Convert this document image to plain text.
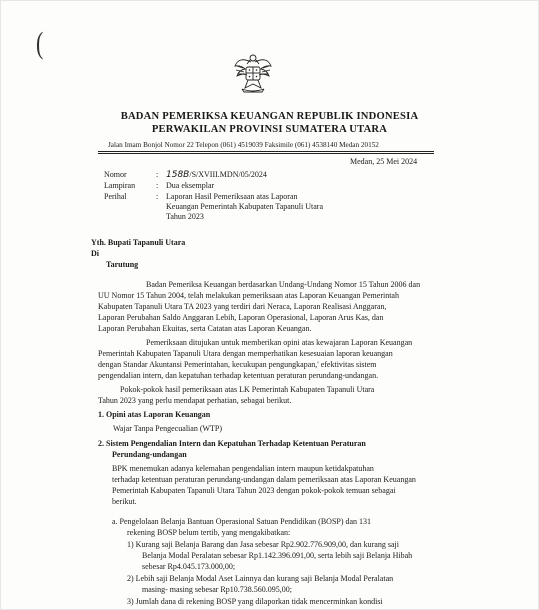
(
BADAN PEMERIKSA KEUANGAN REPUBLIK INDONESIA
PERWAKILAN PROVINSI SUMATERA UTARA
Jalan Imam Bonjol Nomor 22 Telepon (061) 4519039 Faksimile (061) 4538140 Medan 20152
Medan, 25 Mei 2024
Nomor	: 158B/S/XVIII.MDN/05/2024
Lampiran	: Dua eksemplar
Perihal	: Laporan Hasil Pemeriksaan atas Laporan
Keuangan Pemerintah Kabupaten Tapanuli Utara
Tahun 2023
Yth. Bupati Tapanuli Utara
Di
Tarutung
Badan Pemeriksa Keuangan berdasarkan Undang-Undang Nomor 15 Tahun 2006 dan
UU Nomor 15 Tahun 2004, telah melakukan pemeriksaan atas Laporan Keuangan Pemerintah
Kabupaten Tapanuli Utara TA 2023 yang terdiri dari Neraca, Laporan Realisasi Anggaran,
Laporan Perubahan Saldo Anggaran Lebih, Laporan Operasional, Laporan Arus Kas, dan
Laporan Perubahan Ekuitas, serta Catatan atas Laporan Keuangan.
Pemeriksaan ditujukan untuk memberikan opini atas kewajaran Laporan Keuangan
Pemerintah Kabupaten Tapanuli Utara dengan memperhatikan kesesuaian laporan keuangan
dengan Standar Akuntansi Pemerintahan, kecukupan pengungkapan,' efektivitas sistem
pengendalian intern, dan kepatuhan terhadap ketentuan peraturan perundang-undangan.
Pokok-pokok hasil pemeriksaan atas LK Pemerintah Kabupaten Tapanuli Utara
Tahun 2023 yang perlu mendapat perhatian, sebagai berikut.
1. Opini atas Laporan Keuangan
Wajar Tanpa Pengecualian (WTP)
2. Sistem Pengendalian Intern dan Kepatuhan Terhadap Ketentuan Peraturan
Perundang-undangan
BPK menemukan adanya kelemahan pengendalian intern maupun ketidakpatuhan
terhadap ketentuan peraturan perundang-undangan dalam pemeriksaan atas Laporan Keuangan
Pemerintah Kabupaten Tapanuli Utara Tahun 2023 dengan pokok-pokok temuan sebagai
berikut.
a. Pengelolaan Belanja Bantuan Operasional Satuan Pendidikan (BOSP) dan 131
rekening BOSP belum tertib, yang mengakibatkan:
1) Kurang saji Belanja Barang dan Jasa sebesar Rp2.902.776.909,00, dan kurang saji
Belanja Modal Peralatan sebesar Rp1.142.396.091,00, serta lebih saji Belanja Hibah
sebesar Rp4.045.173.000,00;
2) Lebih saji Belanja Modal Aset Lainnya dan kurang saji Belanja Modal Peralatan
masing- masing sebesar Rp10.738.560.095,00;
3) Jumlah dana di rekening BOSP yang dilaporkan tidak mencerminkan kondisi
